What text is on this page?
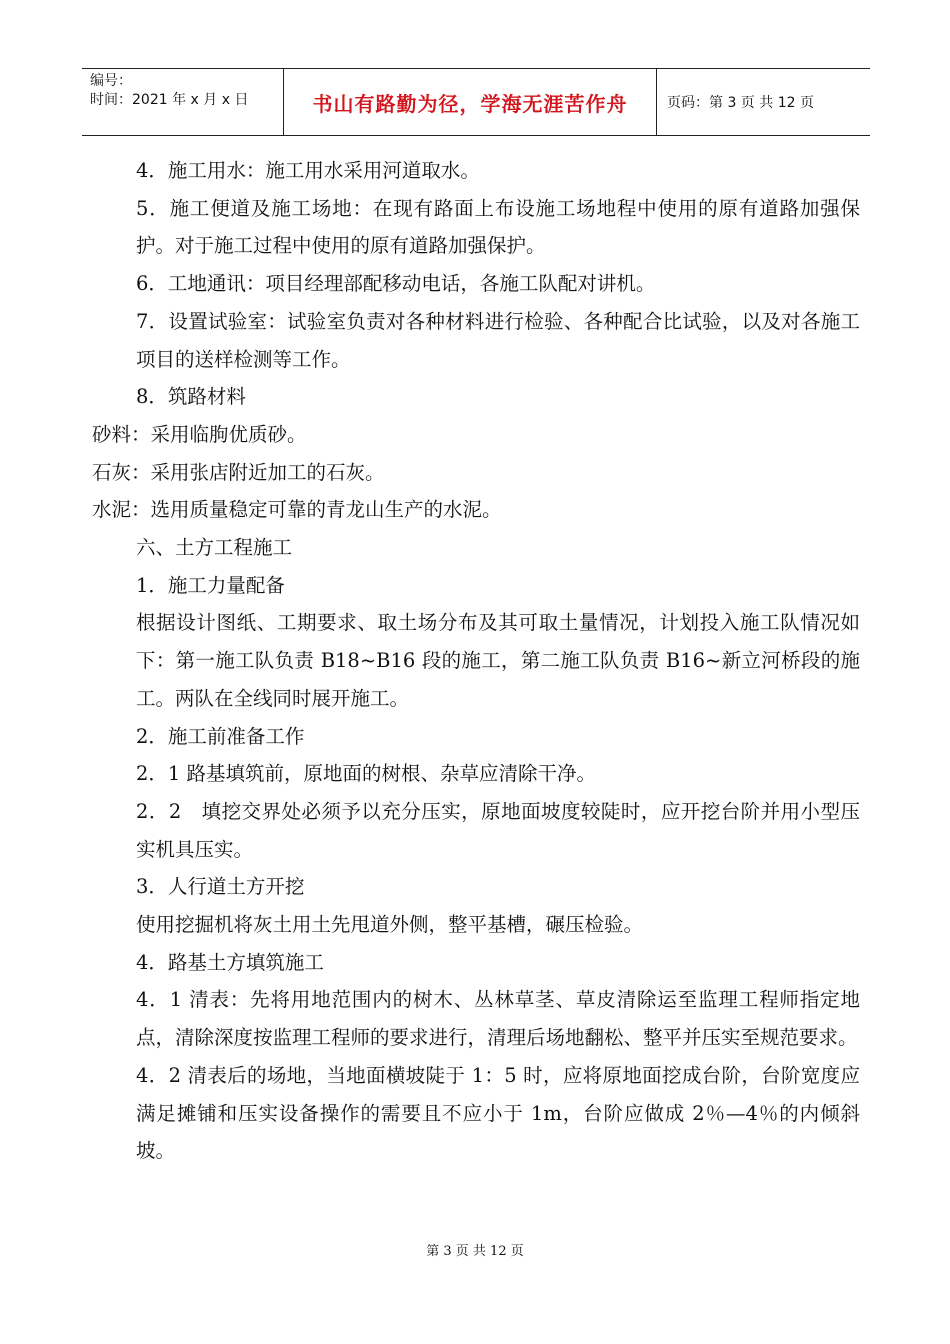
编号：
时间：2021 年 x 月 x 日	书山有路勤为径，学海无涯苦作舟	页码：第 3 页 共 12 页

4．施工用水：施工用水采用河道取水。

5．施工便道及施工场地：在现有路面上布设施工场地程中使用的原有道路加强保护。对于施工过程中使用的原有道路加强保护。

6．工地通讯：项目经理部配移动电话，各施工队配对讲机。

7．设置试验室：试验室负责对各种材料进行检验、各种配合比试验，以及对各施工项目的送样检测等工作。

8．筑路材料

砂料：采用临朐优质砂。

石灰：采用张店附近加工的石灰。

水泥：选用质量稳定可靠的青龙山生产的水泥。

六、土方工程施工

1．施工力量配备

根据设计图纸、工期要求、取土场分布及其可取土量情况，计划投入施工队情况如下：第一施工队负责 B18~B16 段的施工，第二施工队负责 B16~新立河桥段的施工。两队在全线同时展开施工。

2．施工前准备工作

2．1 路基填筑前，原地面的树根、杂草应清除干净。

2．2　填挖交界处必须予以充分压实，原地面坡度较陡时，应开挖台阶并用小型压实机具压实。

3．人行道土方开挖

使用挖掘机将灰土用土先甩道外侧，整平基槽，碾压检验。

4．路基土方填筑施工

4．1 清表：先将用地范围内的树木、丛林草茎、草皮清除运至监理工程师指定地点，清除深度按监理工程师的要求进行，清理后场地翻松、整平并压实至规范要求。

4．2 清表后的场地，当地面横坡陡于 1：5 时，应将原地面挖成台阶，台阶宽度应满足摊铺和压实设备操作的需要且不应小于 1m，台阶应做成 2％—4％的内倾斜坡。

第 3 页 共 12 页
